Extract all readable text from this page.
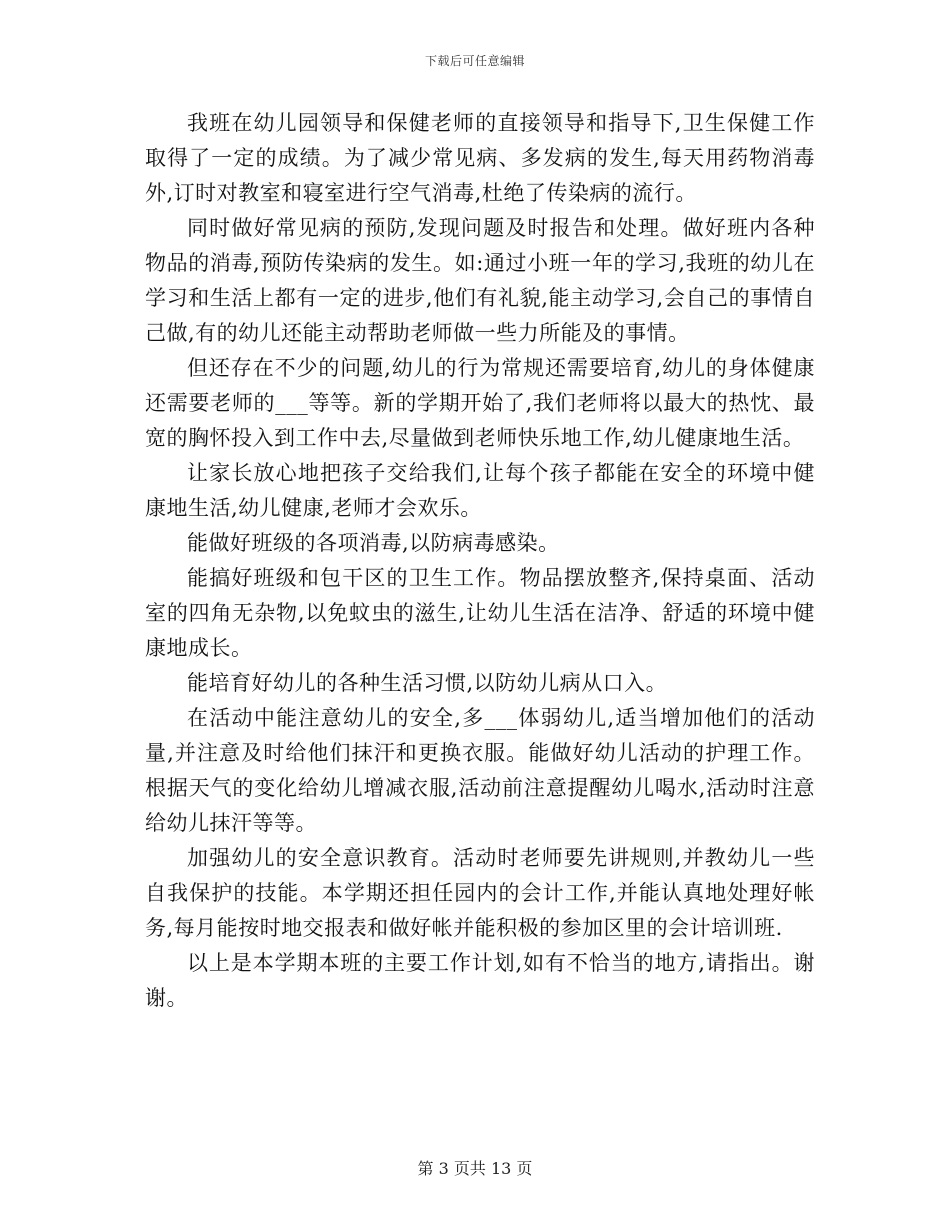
下载后可任意编辑

我班在幼儿园领导和保健老师的直接领导和指导下,卫生保健工作取得了一定的成绩。为了减少常见病、多发病的发生,每天用药物消毒外,订时对教室和寝室进行空气消毒,杜绝了传染病的流行。

同时做好常见病的预防,发现问题及时报告和处理。做好班内各种物品的消毒,预防传染病的发生。如:通过小班一年的学习,我班的幼儿在学习和生活上都有一定的进步,他们有礼貌,能主动学习,会自己的事情自己做,有的幼儿还能主动帮助老师做一些力所能及的事情。

但还存在不少的问题,幼儿的行为常规还需要培育,幼儿的身体健康还需要老师的___等等。新的学期开始了,我们老师将以最大的热忱、最宽的胸怀投入到工作中去,尽量做到老师快乐地工作,幼儿健康地生活。

让家长放心地把孩子交给我们,让每个孩子都能在安全的环境中健康地生活,幼儿健康,老师才会欢乐。

能做好班级的各项消毒,以防病毒感染。

能搞好班级和包干区的卫生工作。物品摆放整齐,保持桌面、活动室的四角无杂物,以免蚊虫的滋生,让幼儿生活在洁净、舒适的环境中健康地成长。

能培育好幼儿的各种生活习惯,以防幼儿病从口入。

在活动中能注意幼儿的安全,多___体弱幼儿,适当增加他们的活动量,并注意及时给他们抹汗和更换衣服。能做好幼儿活动的护理工作。根据天气的变化给幼儿增减衣服,活动前注意提醒幼儿喝水,活动时注意给幼儿抹汗等等。

加强幼儿的安全意识教育。活动时老师要先讲规则,并教幼儿一些自我保护的技能。本学期还担任园内的会计工作,并能认真地处理好帐务,每月能按时地交报表和做好帐并能积极的参加区里的会计培训班.

以上是本学期本班的主要工作计划,如有不恰当的地方,请指出。谢谢。

第 3 页共 13 页
